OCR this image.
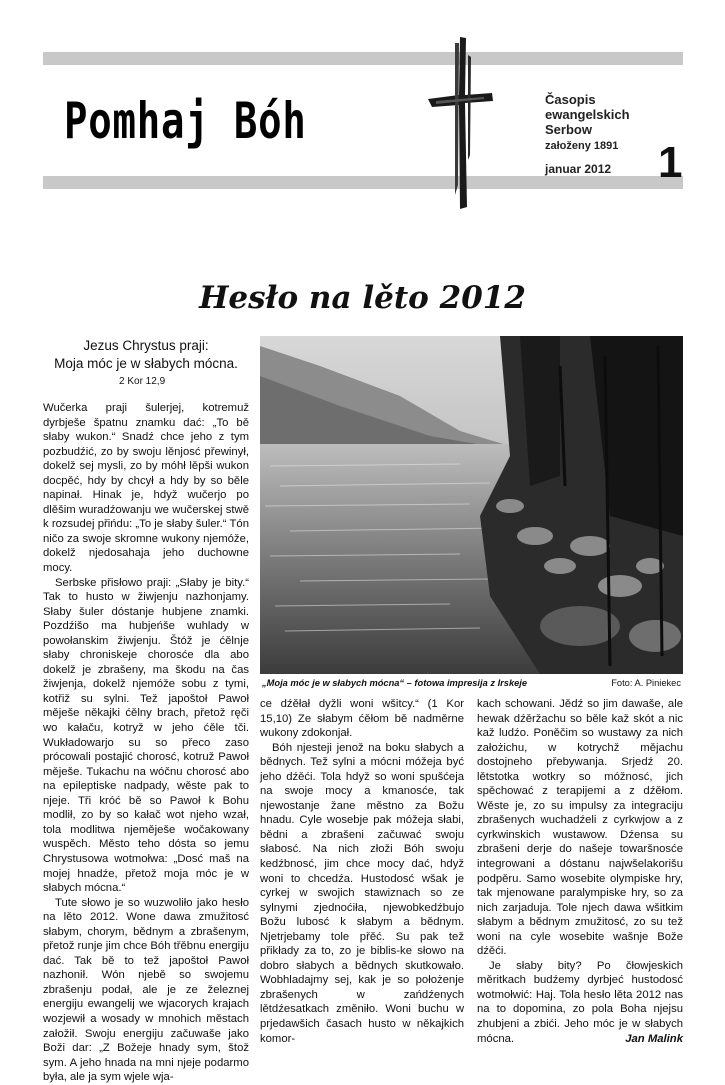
Pomhaj Bóh	Časopis
ewangelskich
Serbow
załoženy 1891
januar 2012 1
Hesło na lěto 2012
Jezus Chrystus praji:
Moja móc je w słabych mócna.
2 Kor 12,9

Wučerka praji šulerjej, kotremuž dyrbješe špatnu znamku dać: „To bě słaby wukon.“ Snadź chce jeho z tym pozbudźić, zo by swoju lěnjosć přewinył, dokelž sej mysli, zo by móhł lěpši wukon docpěć, hdy by chcył a hdy by so běle napinał. Hinak je, hdyž wučerjo po dlěšim wuradźowanju we wučerskej stwě k rozsudej přińdu: „To je słaby šuler.“ Tón ničo za swoje skromne wukony njemóže, dokelž njedosahaja jeho duchowne mocy.

Serbske přisłowo praji: „Słaby je bity.“ Tak to husto w žiwjenju nazhonjamy. Słaby šuler dóstanje hubjene znamki. Pozdźišo ma hubjeńše wuhlady w powołanskim žiwjenju. Štóž je ćělnje słaby chroniskeje chorosće dla abo dokelž je zbrašeny, ma škodu na čas žiwjenja, dokelž njemóže sobu z tymi, kotřiž su sylni. Tež japoštoł Pawoł měješe někajki ćělny brach, přetož ręči wo kałaču, kotryž w jeho ćěle tči. Wukładowarjo su so přeco zaso prócowali postajić chorosć, kotruž Pawoł měješe. Tukachu na wóčnu chorosć abo na epileptiske nadpady, wěste pak to njeje. Tři króć bě so Pawoł k Bohu modlił, zo by so kałač wot njeho wzał, tola modlitwa njeměješe wočakowany wuspěch. Město teho dósta so jemu Chrystusowa wotmołwa: „Dosć maš na mojej hnadźe, přetož moja móc je w słabych mócna.“

Tute słowo je so wuzwoliło jako hesło na lěto 2012. Wone dawa zmužitosć słabym, chorym, bědnym a zbrašenym, přetož runje jim chce Bóh třěbnu energiju dać. Tak bě to tež japoštoł Pawoł nazhonił. Wón njebě so swojemu zbrašenju podał, ale je ze železnej energiju ewangelij we wjacorych krajach wozjewił a wosady w mnohich městach załožił. Swoju energiju začuwaše jako Boži dar: „Z Božeje hnady sym, štož sym. A jeho hnada na mni njeje podarmo była, ale ja sym wjele wja-

„Moja móc je w słabych mócna“ – fotowa impresija z Irskeje	Foto: A. Piniekec

ce dźěłał dyžli woni wšitcy.“ (1 Kor 15,10) Ze słabym ćěłom bě nadměrne wukony zdokonjał.

Bóh njesteji jenož na boku słabych a bědnych. Tež sylni a mócni móžeja być jeho dźěći. Tola hdyž so woni spušćeja na swoje mocy a kmanosće, tak njewostanje žane městno za Božu hnadu. Cyle wosebje pak móžeja słabi, bědni a zbrašeni začuwać swoju słabosć. Na nich złoži Bóh swoju kedźbnosć, jim chce mocy dać, hdyž woni to chcedźa. Hustodosć wšak je cyrkej w swojich stawiznach so ze sylnymi zjednoćiła, njewobkedźbujo Božu lubosć k słabym a bědnym. Njetrjebamy tole přěć. Su pak tež přikłady za to, zo je biblis-ke słowo na dobro słabych a bědnych skutkowało. Wobhladajmy sej, kak je so położenje zbrašenych w zańdźenych lětdźesatkach změniło. Woni buchu w prjedawšich časach husto w někajkich komor-

kach schowani. Jědź so jim dawaše, ale hewak dźěržachu so běle kaž skót a nic kaž ludźo. Poněčim so wustawy za nich założichu, w kotrychž měјachu dostojneho přebywanja. Srjedź 20. lětstotka wotkry so móžnosć, jich spěchować z terapijemi a z dźěłom. Wěste je, zo su impulsy za integraciju zbrašenych wuchadźeli z cyrkwjow a z cyrkwinskich wustawow. Dźensa su zbrašeni derje do našeje towaršnosće integrowani a dóstanu najwšelakorišu podpěru. Samo wosebite olympiske hry, tak mjenowane paralympiske hry, so za nich zarjaduja. Tole njech dawa wšitkim słabym a bědnym zmužitosć, zo su tež woni na cyle wosebite wašnje Bože dźěći.

Je słaby bity? Po čłowjeskich měritkach budźemy dyrbjeć hustodosć wotmołwić: Haj. Tola hesło lěta 2012 nas na to dopomina, zo pola Boha njejsu zhubjeni a zbići. Jeho móc je w słabych mócna.	Jan Malink
